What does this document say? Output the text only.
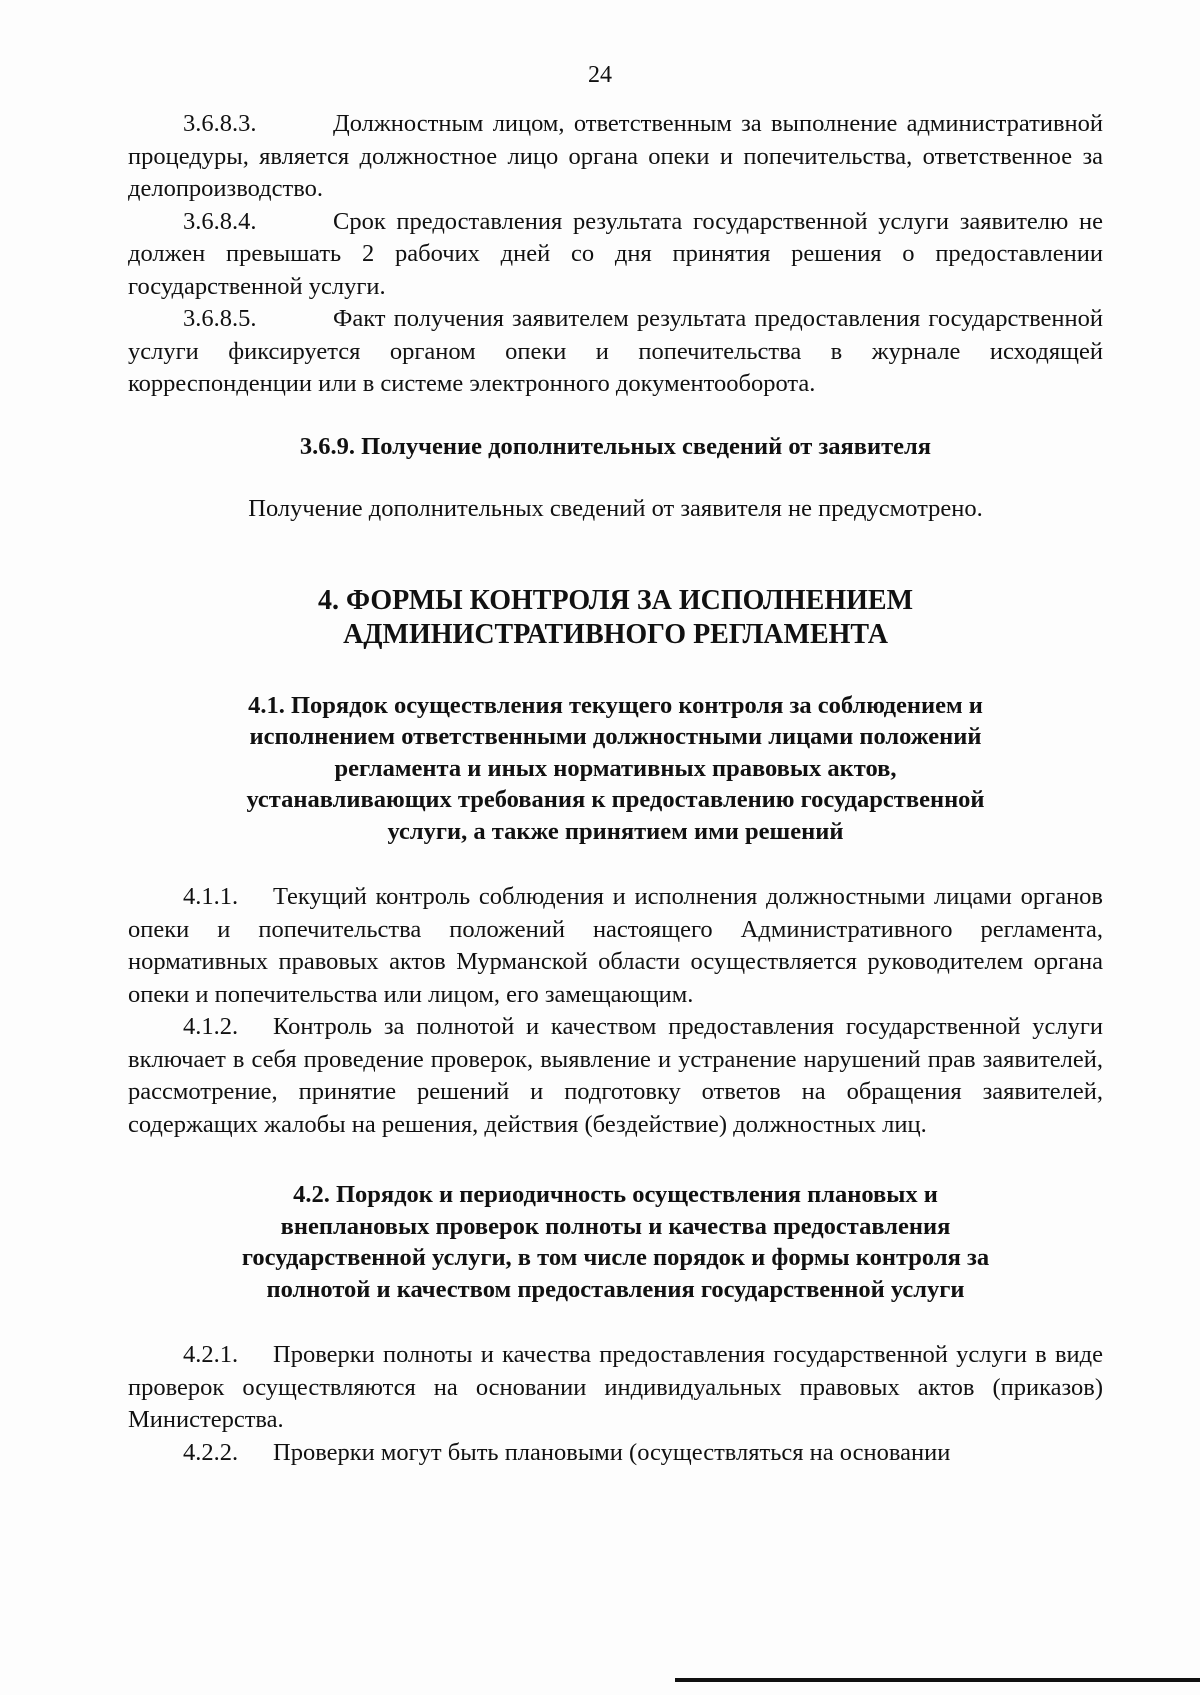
24

3.6.8.3.	Должностным лицом, ответственным за выполнение административной процедуры, является должностное лицо органа опеки и попечительства, ответственное за делопроизводство.

3.6.8.4.	Срок предоставления результата государственной услуги заявителю не должен превышать 2 рабочих дней со дня принятия решения о предоставлении государственной услуги.

3.6.8.5.	Факт получения заявителем результата предоставления государственной услуги фиксируется органом опеки и попечительства в журнале исходящей корреспонденции или в системе электронного документооборота.

3.6.9. Получение дополнительных сведений от заявителя

Получение дополнительных сведений от заявителя не предусмотрено.

4. ФОРМЫ КОНТРОЛЯ ЗА ИСПОЛНЕНИЕМ
АДМИНИСТРАТИВНОГО РЕГЛАМЕНТА
4.1. Порядок осуществления текущего контроля за соблюдением и
исполнением ответственными должностными лицами положений
регламента и иных нормативных правовых актов,
устанавливающих требования к предоставлению государственной
услуги, а также принятием ими решений

4.1.1. Текущий контроль соблюдения и исполнения должностными лицами органов опеки и попечительства положений настоящего Административного регламента, нормативных правовых актов Мурманской области осуществляется руководителем органа опеки и попечительства или лицом, его замещающим.

4.1.2. Контроль за полнотой и качеством предоставления государственной услуги включает в себя проведение проверок, выявление и устранение нарушений прав заявителей, рассмотрение, принятие решений и подготовку ответов на обращения заявителей, содержащих жалобы на решения, действия (бездействие) должностных лиц.

4.2. Порядок и периодичность осуществления плановых и
внеплановых проверок полноты и качества предоставления
государственной услуги, в том числе порядок и формы контроля за
полнотой и качеством предоставления государственной услуги

4.2.1. Проверки полноты и качества предоставления государственной услуги в виде проверок осуществляются на основании индивидуальных правовых актов (приказов) Министерства.

4.2.2. Проверки могут быть плановыми (осуществляться на основании
